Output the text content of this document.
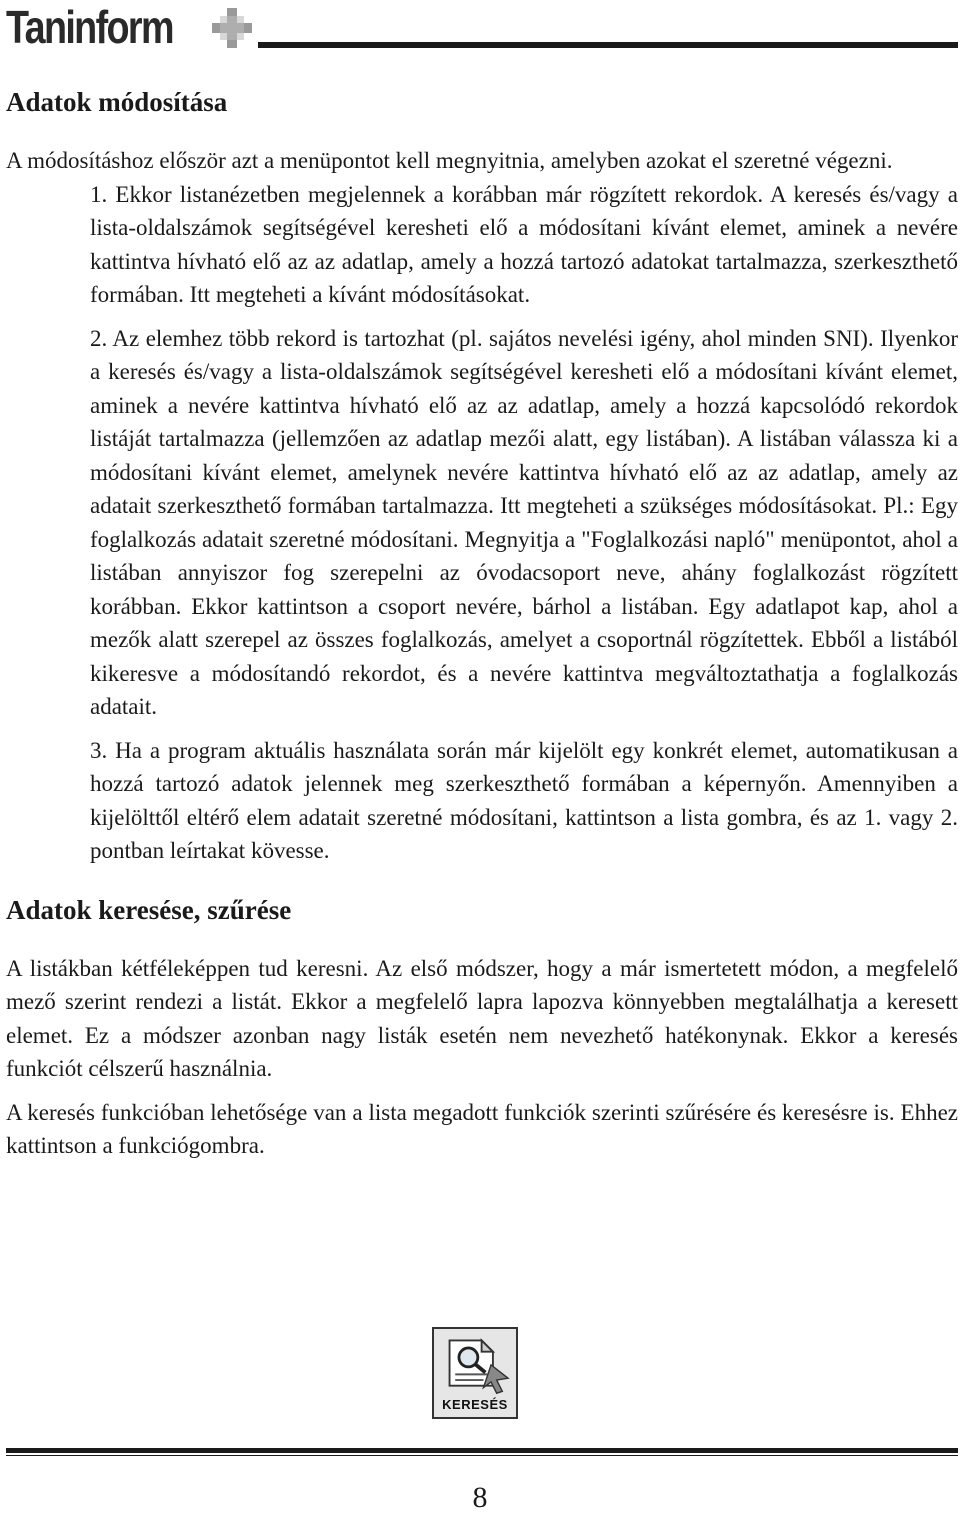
Taninform
Adatok módosítása

A módosításhoz először azt a menüpontot kell megnyitnia, amelyben azokat el szeretné végezni.

1. Ekkor listanézetben megjelennek a korábban már rögzített rekordok. A keresés és/vagy a lista-oldalszámok segítségével keresheti elő a módosítani kívánt elemet, aminek a nevére kattintva hívható elő az az adatlap, amely a hozzá tartozó adatokat tartalmazza, szerkeszthető formában. Itt megteheti a kívánt módosításokat.

2. Az elemhez több rekord is tartozhat (pl. sajátos nevelési igény, ahol minden SNI). Ilyenkor a keresés és/vagy a lista-oldalszámok segítségével keresheti elő a módosítani kívánt elemet, aminek a nevére kattintva hívható elő az az adatlap, amely a hozzá kapcsolódó rekordok listáját tartalmazza (jellemzően az adatlap mezői alatt, egy listában). A listában válassza ki a módosítani kívánt elemet, amelynek nevére kattintva hívható elő az az adatlap, amely az adatait szerkeszthető formában tartalmazza. Itt megteheti a szükséges módosításokat. Pl.: Egy foglalkozás adatait szeretné módosítani. Megnyitja a "Foglalkozási napló" menüpontot, ahol a listában annyiszor fog szerepelni az óvodacsoport neve, ahány foglalkozást rögzített korábban. Ekkor kattintson a csoport nevére, bárhol a listában. Egy adatlapot kap, ahol a mezők alatt szerepel az összes foglalkozás, amelyet a csoportnál rögzítettek. Ebből a listából kikeresve a módosítandó rekordot, és a nevére kattintva megváltoztathatja a foglalkozás adatait.

3. Ha a program aktuális használata során már kijelölt egy konkrét elemet, automatikusan a hozzá tartozó adatok jelennek meg szerkeszthető formában a képernyőn. Amennyiben a kijelölttől eltérő elem adatait szeretné módosítani, kattintson a lista gombra, és az 1. vagy 2. pontban leírtakat kövesse.

Adatok keresése, szűrése

A listákban kétféleképpen tud keresni. Az első módszer, hogy a már ismertetett módon, a megfelelő mező szerint rendezi a listát. Ekkor a megfelelő lapra lapozva könnyebben megtalálhatja a keresett elemet. Ez a módszer azonban nagy listák esetén nem nevezhető hatékonynak. Ekkor a keresés funkciót célszerű használnia.

A keresés funkcióban lehetősége van a lista megadott funkciók szerinti szűrésére és keresésre is. Ehhez kattintson a funkciógombra.

KERESÉS
8
